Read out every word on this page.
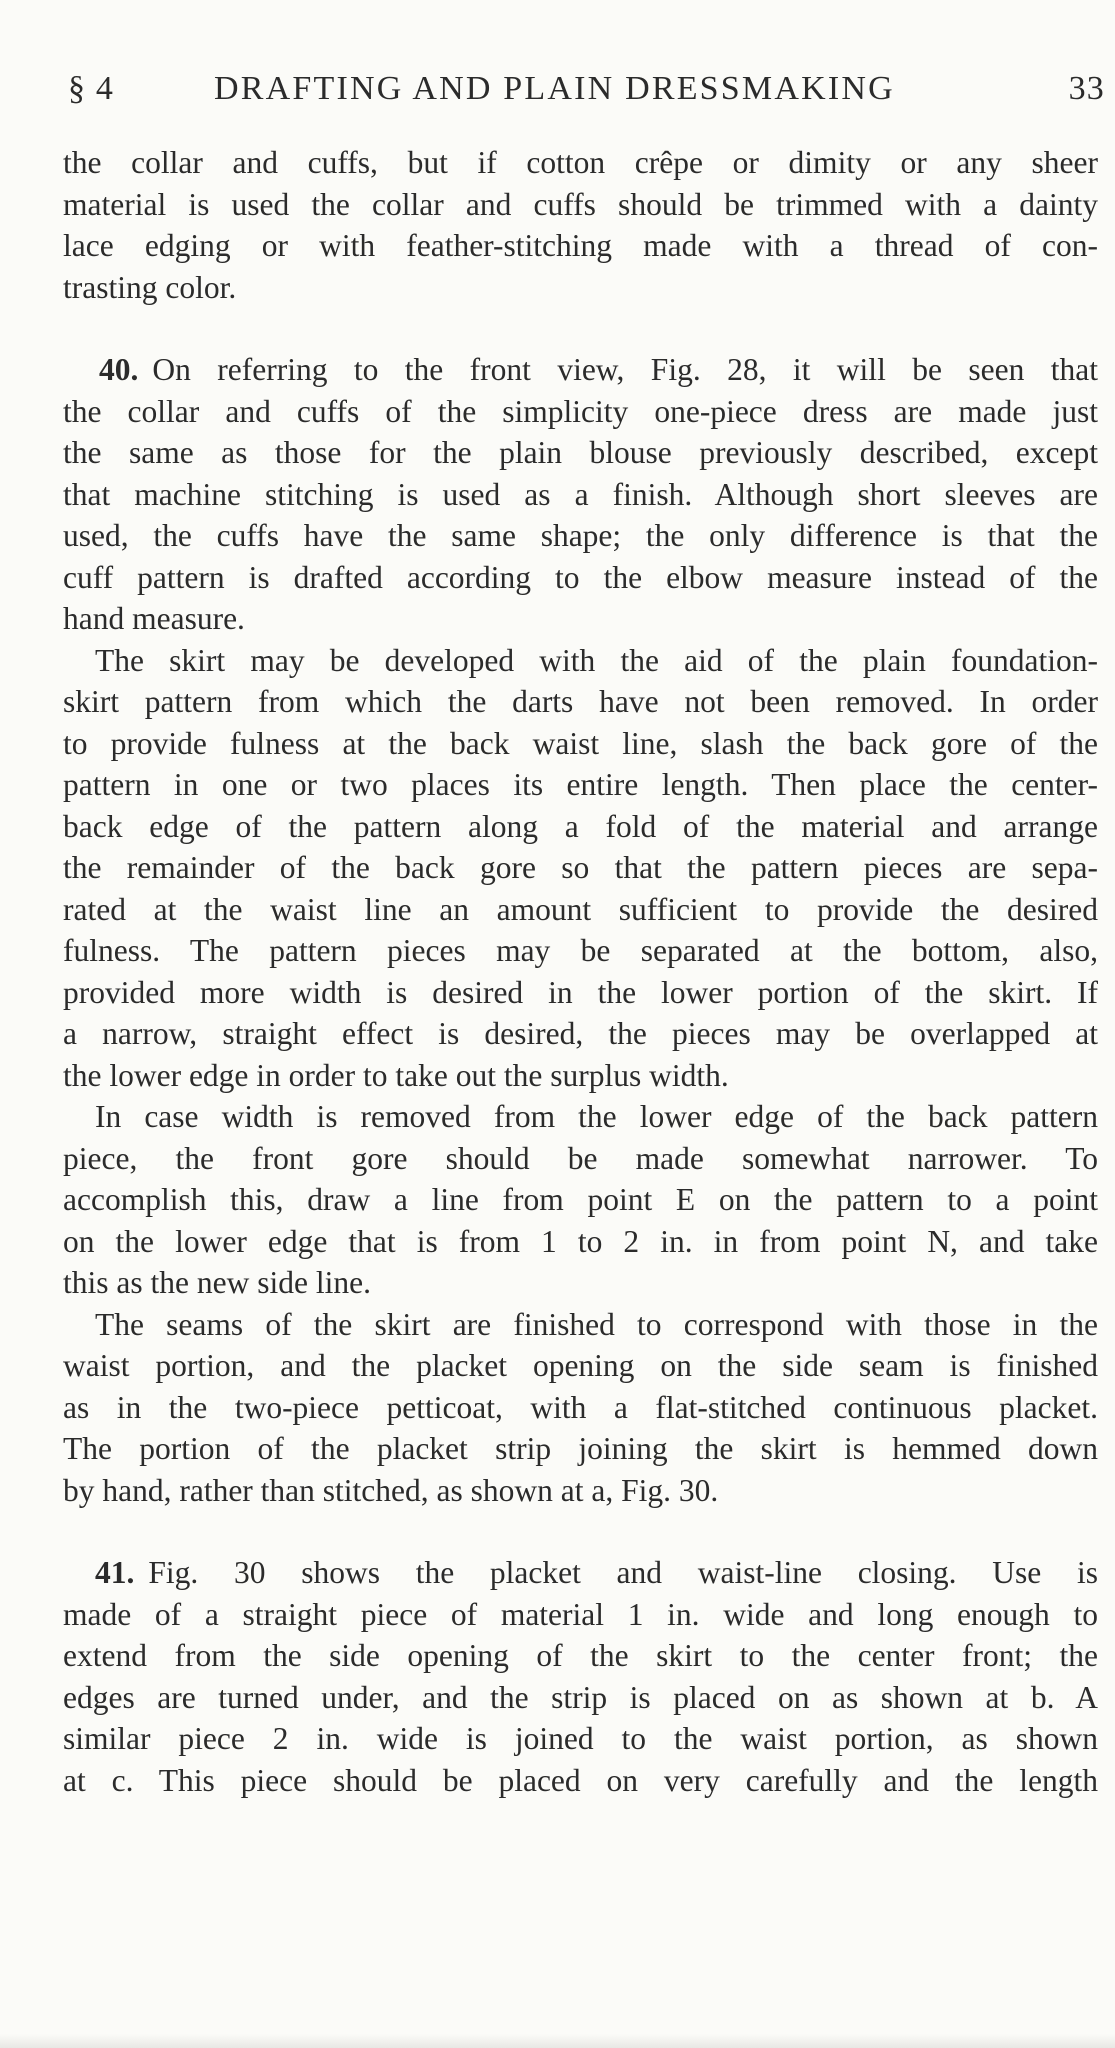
§ 4	DRAFTING AND PLAIN DRESSMAKING	33

the collar and cuffs, but if cotton crêpe or dimity or any sheer
material is used the collar and cuffs should be trimmed with a dainty
lace edging or with feather-stitching made with a thread of con-
trasting color.

40. On referring to the front view, Fig. 28, it will be seen that
the collar and cuffs of the simplicity one-piece dress are made just
the same as those for the plain blouse previously described, except
that machine stitching is used as a finish. Although short sleeves are
used, the cuffs have the same shape; the only difference is that the
cuff pattern is drafted according to the elbow measure instead of the
hand measure.

The skirt may be developed with the aid of the plain foundation-
skirt pattern from which the darts have not been removed. In order
to provide fulness at the back waist line, slash the back gore of the
pattern in one or two places its entire length. Then place the center-
back edge of the pattern along a fold of the material and arrange
the remainder of the back gore so that the pattern pieces are sepa-
rated at the waist line an amount sufficient to provide the desired
fulness. The pattern pieces may be separated at the bottom, also,
provided more width is desired in the lower portion of the skirt. If
a narrow, straight effect is desired, the pieces may be overlapped at
the lower edge in order to take out the surplus width.

In case width is removed from the lower edge of the back pattern
piece, the front gore should be made somewhat narrower. To
accomplish this, draw a line from point E on the pattern to a point
on the lower edge that is from 1 to 2 in. in from point N, and take
this as the new side line.

The seams of the skirt are finished to correspond with those in the
waist portion, and the placket opening on the side seam is finished
as in the two-piece petticoat, with a flat-stitched continuous placket.
The portion of the placket strip joining the skirt is hemmed down
by hand, rather than stitched, as shown at a, Fig. 30.

41. Fig. 30 shows the placket and waist-line closing. Use is
made of a straight piece of material 1 in. wide and long enough to
extend from the side opening of the skirt to the center front; the
edges are turned under, and the strip is placed on as shown at b. A
similar piece 2 in. wide is joined to the waist portion, as shown
at c. This piece should be placed on very carefully and the length
